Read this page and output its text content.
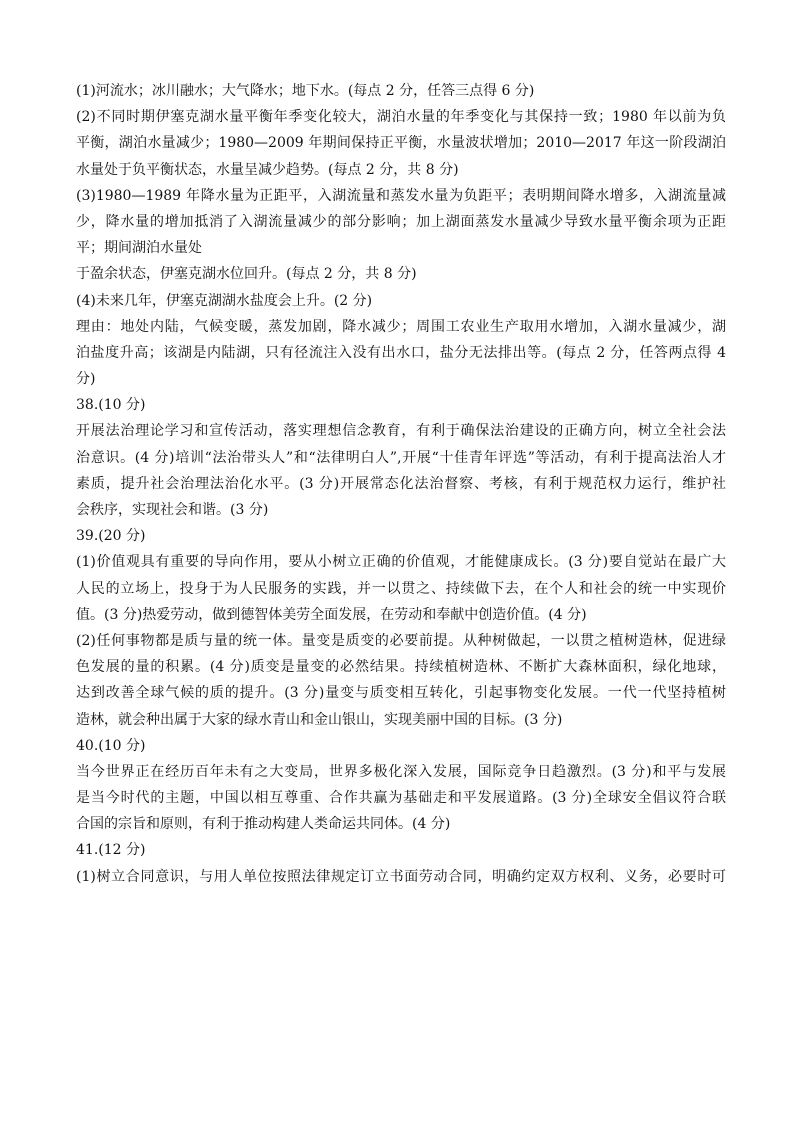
(1)河流水；冰川融水；大气降水；地下水。(每点 2 分，任答三点得 6 分)
(2)不同时期伊塞克湖水量平衡年季变化较大，湖泊水量的年季变化与其保持一致；1980 年以前为负
平衡，湖泊水量减少；1980—2009 年期间保持正平衡，水量波状增加；2010—2017 年这一阶段湖泊
水量处于负平衡状态，水量呈减少趋势。(每点 2 分，共 8 分)
(3)1980—1989 年降水量为正距平，入湖流量和蒸发水量为负距平；表明期间降水增多，入湖流量减
少，降水量的增加抵消了入湖流量减少的部分影响；加上湖面蒸发水量减少导致水量平衡余项为正距
平；期间湖泊水量处
于盈余状态，伊塞克湖水位回升。(每点 2 分，共 8 分)
(4)未来几年，伊塞克湖湖水盐度会上升。(2 分)
理由：地处内陆，气候变暖，蒸发加剧，降水减少；周围工农业生产取用水增加，入湖水量减少，湖
泊盐度升高；该湖是内陆湖，只有径流注入没有出水口，盐分无法排出等。(每点 2 分，任答两点得 4
分)
38.(10 分)
开展法治理论学习和宣传活动，落实理想信念教育，有利于确保法治建设的正确方向，树立全社会法
治意识。(4 分)培训“法治带头人”和“法律明白人”,开展“十佳青年评选”等活动，有利于提高法治人才
素质，提升社会治理法治化水平。(3 分)开展常态化法治督察、考核，有利于规范权力运行，维护社
会秩序，实现社会和谐。(3 分)
39.(20 分)
(1)价值观具有重要的导向作用，要从小树立正确的价值观，才能健康成长。(3 分)要自觉站在最广大
人民的立场上，投身于为人民服务的实践，并一以贯之、持续做下去，在个人和社会的统一中实现价
值。(3 分)热爱劳动，做到德智体美劳全面发展，在劳动和奉献中创造价值。(4 分)
(2)任何事物都是质与量的统一体。量变是质变的必要前提。从种树做起，一以贯之植树造林，促进绿
色发展的量的积累。(4 分)质变是量变的必然结果。持续植树造林、不断扩大森林面积，绿化地球，
达到改善全球气候的质的提升。(3 分)量变与质变相互转化，引起事物变化发展。一代一代坚持植树
造林，就会种出属于大家的绿水青山和金山银山，实现美丽中国的目标。(3 分)
40.(10 分)
当今世界正在经历百年未有之大变局，世界多极化深入发展，国际竞争日趋激烈。(3 分)和平与发展
是当今时代的主题，中国以相互尊重、合作共赢为基础走和平发展道路。(3 分)全球安全倡议符合联
合国的宗旨和原则，有利于推动构建人类命运共同体。(4 分)
41.(12 分)
(1)树立合同意识，与用人单位按照法律规定订立书面劳动合同，明确约定双方权利、义务，必要时可
